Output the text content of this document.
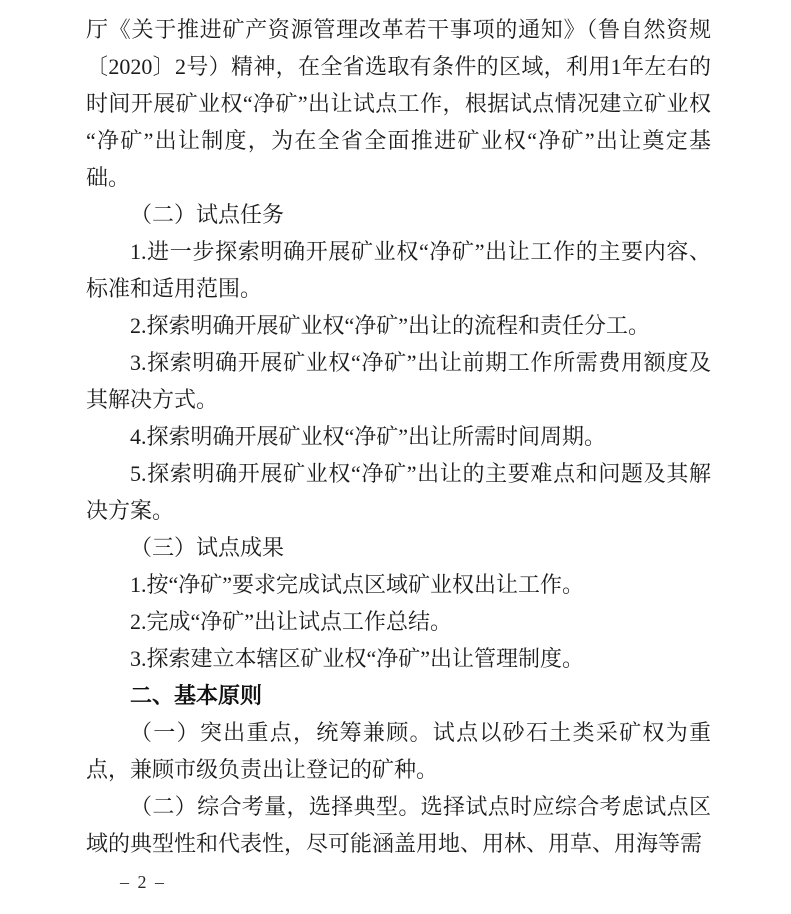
厅《关于推进矿产资源管理改革若干事项的通知》（鲁自然资规〔2020〕2号）精神，在全省选取有条件的区域，利用1年左右的时间开展矿业权“净矿”出让试点工作，根据试点情况建立矿业权“净矿”出让制度，为在全省全面推进矿业权“净矿”出让奠定基础。

（二）试点任务

1.进一步探索明确开展矿业权“净矿”出让工作的主要内容、标准和适用范围。

2.探索明确开展矿业权“净矿”出让的流程和责任分工。

3.探索明确开展矿业权“净矿”出让前期工作所需费用额度及其解决方式。

4.探索明确开展矿业权“净矿”出让所需时间周期。

5.探索明确开展矿业权“净矿”出让的主要难点和问题及其解决方案。

（三）试点成果

1.按“净矿”要求完成试点区域矿业权出让工作。

2.完成“净矿”出让试点工作总结。

3.探索建立本辖区矿业权“净矿”出让管理制度。

二、基本原则

（一）突出重点，统筹兼顾。试点以砂石土类采矿权为重点，兼顾市级负责出让登记的矿种。

（二）综合考量，选择典型。选择试点时应综合考虑试点区域的典型性和代表性，尽可能涵盖用地、用林、用草、用海等需

– 2 –
